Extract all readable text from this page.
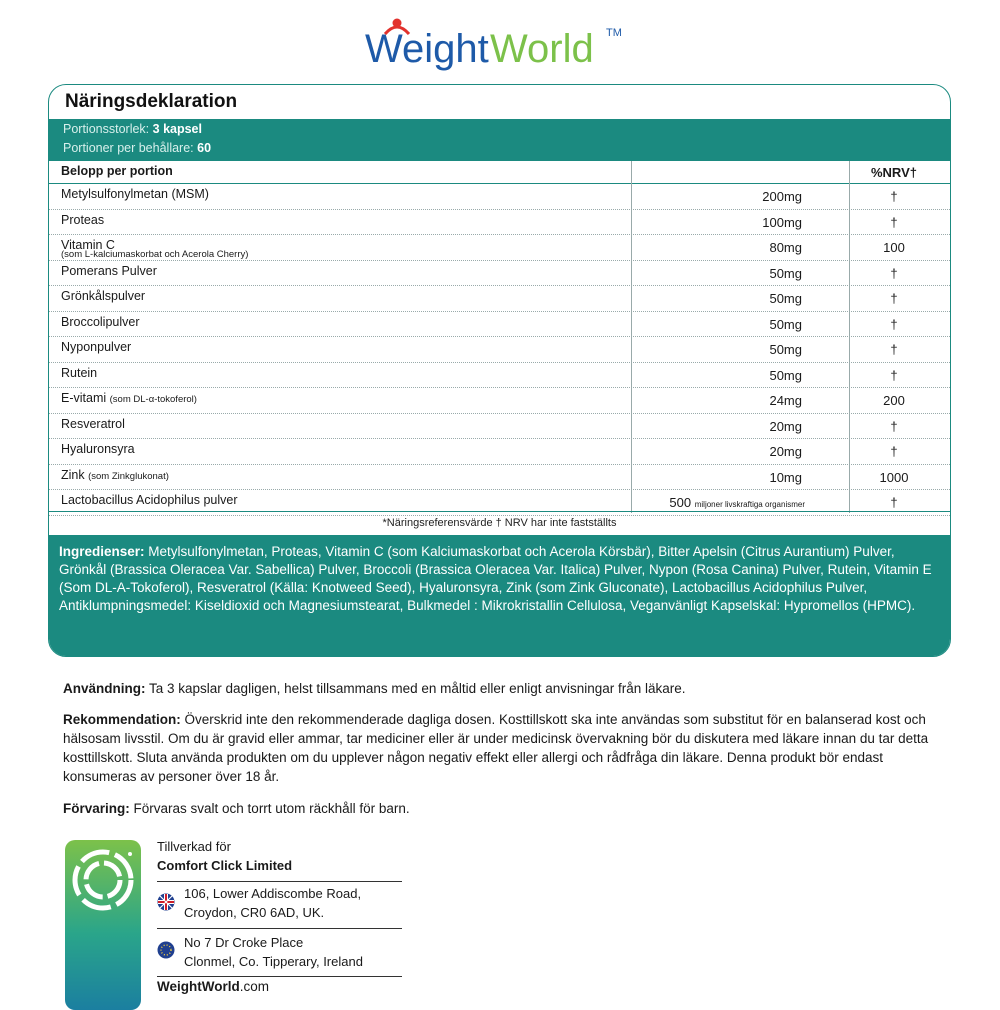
Weight World TM
Näringsdeklaration
Portionsstorlek: 3 kapsel
Portioner per behållare: 60
Belopp per portion	%NRV†
Metylsulfonylmetan (MSM)	200mg	†
Proteas	100mg	†
Vitamin C
(som L-kalciumaskorbat och Acerola Cherry)	80mg	100
Pomerans Pulver	50mg	†
Grönkålspulver	50mg	†
Broccolipulver	50mg	†
Nyponpulver	50mg	†
Rutein	50mg	†
E-vitami (som DL-α-tokoferol)	24mg	200
Resveratrol	20mg	†
Hyaluronsyra	20mg	†
Zink (som Zinkglukonat)	10mg	1000
Lactobacillus Acidophilus pulver	500 miljoner livskraftiga organismer	†
*Näringsreferensvärde † NRV har inte fastställts
Ingredienser: Metylsulfonylmetan, Proteas, Vitamin C (som Kalciumaskorbat och Acerola Körsbär), Bitter Apelsin (Citrus Aurantium) Pulver, Grönkål (Brassica Oleracea Var. Sabellica) Pulver, Broccoli (Brassica Oleracea Var. Italica) Pulver, Nypon (Rosa Canina) Pulver, Rutein, Vitamin E (Som DL-A-Tokoferol), Resveratrol (Källa: Knotweed Seed), Hyaluronsyra, Zink (som Zink Gluconate), Lactobacillus Acidophilus Pulver, Antiklumpningsmedel: Kiseldioxid och Magnesiumstearat, Bulkmedel : Mikrokristallin Cellulosa, Veganvänligt Kapselskal: Hypromellos (HPMC).
Användning: Ta 3 kapslar dagligen, helst tillsammans med en måltid eller enligt anvisningar från läkare.
Rekommendation: Överskrid inte den rekommenderade dagliga dosen. Kosttillskott ska inte användas som substitut för en balanserad kost och hälsosam livsstil. Om du är gravid eller ammar, tar mediciner eller är under medicinsk övervakning bör du diskutera med läkare innan du tar detta kosttillskott. Sluta använda produkten om du upplever någon negativ effekt eller allergi och rådfråga din läkare. Denna produkt bör endast konsumeras av personer över 18 år.
Förvaring: Förvaras svalt och torrt utom räckhåll för barn.
Tillverkad för
Comfort Click Limited
106, Lower Addiscombe Road,
Croydon, CR0 6AD, UK.
No 7 Dr Croke Place
Clonmel, Co. Tipperary, Ireland
WeightWorld.com
